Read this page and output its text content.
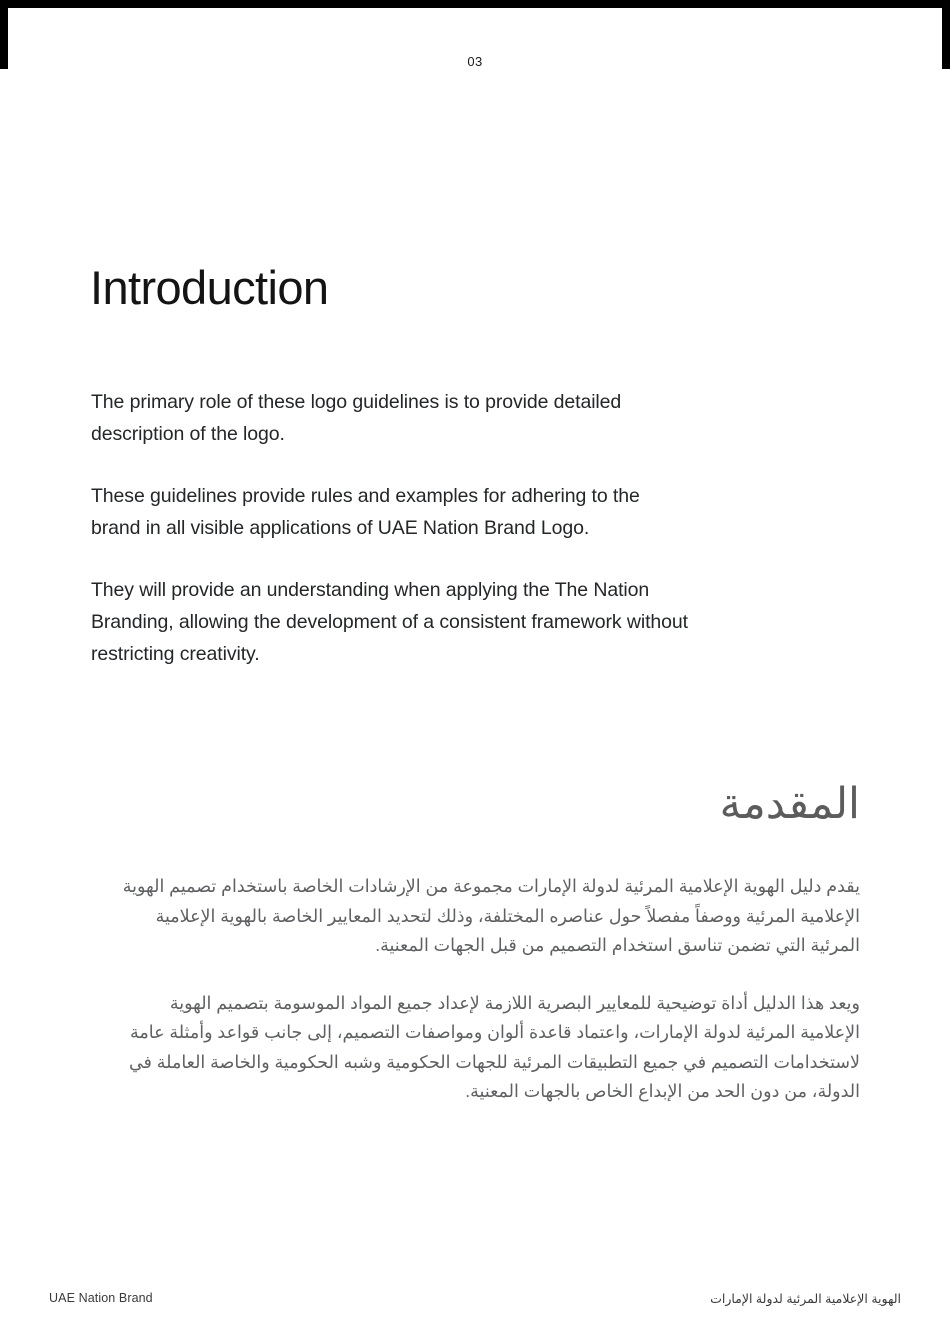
03
Introduction

The primary role of these logo guidelines is to provide detailed description of the logo.

These guidelines provide rules and examples for adhering to the brand in all visible applications of UAE Nation Brand Logo.

They will provide an understanding when applying the The Nation Branding, allowing the development of a consistent framework without restricting creativity.

المقدمة

يقدم دليل الهوية الإعلامية المرئية لدولة الإمارات مجموعة من الإرشادات الخاصة باستخدام تصميم الهوية الإعلامية المرئية ووصفاً مفصلاً حول عناصره المختلفة، وذلك لتحديد المعايير الخاصة بالهوية الإعلامية المرئية التي تضمن تناسق استخدام التصميم من قبل الجهات المعنية.

ويعد هذا الدليل أداة توضيحية للمعايير البصرية اللازمة لإعداد جميع المواد الموسومة بتصميم الهوية الإعلامية المرئية لدولة الإمارات، واعتماد قاعدة ألوان ومواصفات التصميم، إلى جانب قواعد وأمثلة عامة لاستخدامات التصميم في جميع التطبيقات المرئية للجهات الحكومية وشبه الحكومية والخاصة العاملة في الدولة، من دون الحد من الإبداع الخاص بالجهات المعنية.

UAE Nation Brand	الهوية الإعلامية المرئية لدولة الإمارات
